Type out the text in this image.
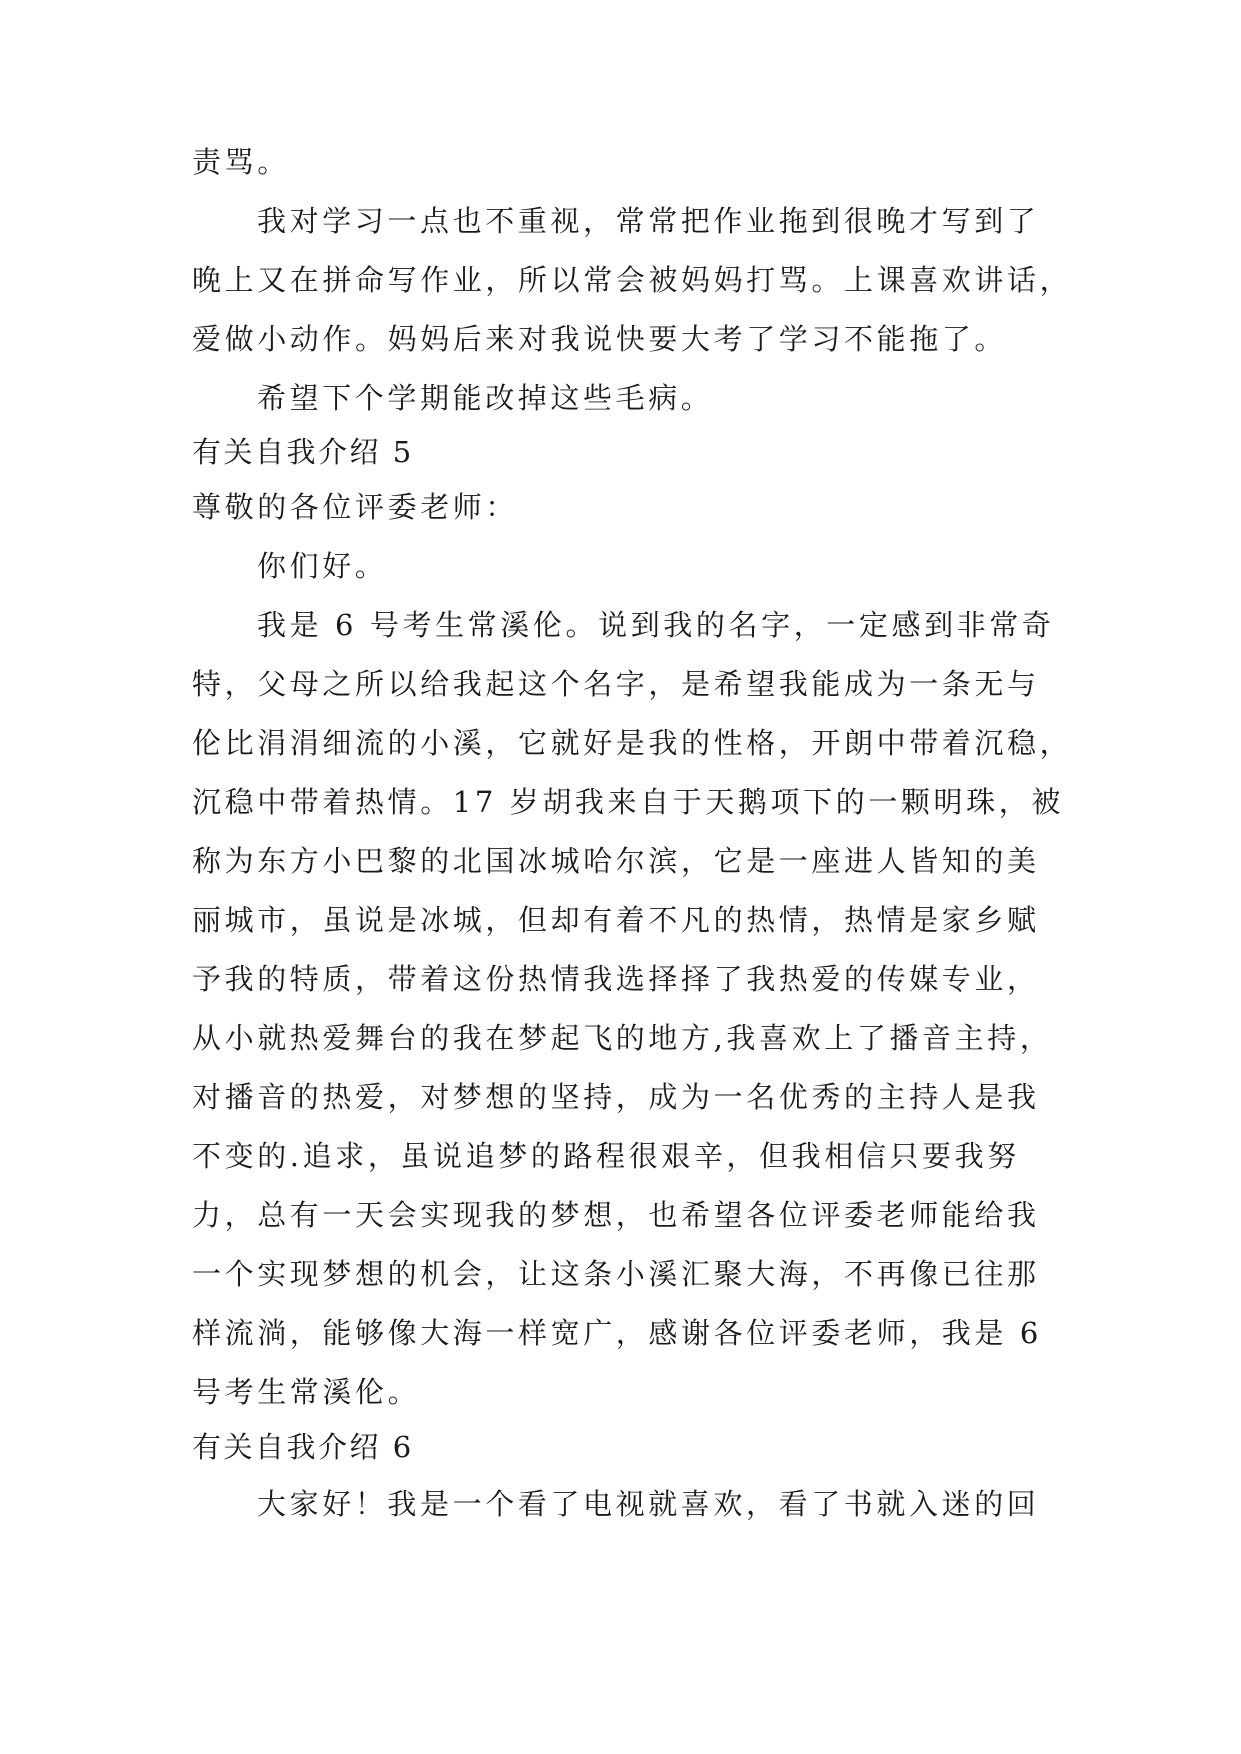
责骂。

我对学习一点也不重视，常常把作业拖到很晚才写到了

晚上又在拼命写作业，所以常会被妈妈打骂。上课喜欢讲话，

爱做小动作。妈妈后来对我说快要大考了学习不能拖了。

希望下个学期能改掉这些毛病。

有关自我介绍 5

尊敬的各位评委老师：

你们好。

我是 6 号考生常溪伦。说到我的名字，一定感到非常奇

特，父母之所以给我起这个名字，是希望我能成为一条无与

伦比涓涓细流的小溪，它就好是我的性格，开朗中带着沉稳，

沉稳中带着热情。17 岁胡我来自于天鹅项下的一颗明珠，被

称为东方小巴黎的北国冰城哈尔滨，它是一座进人皆知的美

丽城市，虽说是冰城，但却有着不凡的热情，热情是家乡赋

予我的特质，带着这份热情我选择择了我热爱的传媒专业，

从小就热爱舞台的我在梦起飞的地方,我喜欢上了播音主持，

对播音的热爱，对梦想的坚持，成为一名优秀的主持人是我

不变的.追求，虽说追梦的路程很艰辛，但我相信只要我努

力，总有一天会实现我的梦想，也希望各位评委老师能给我

一个实现梦想的机会，让这条小溪汇聚大海，不再像已往那

样流淌，能够像大海一样宽广，感谢各位评委老师，我是 6

号考生常溪伦。

有关自我介绍 6

大家好！我是一个看了电视就喜欢，看了书就入迷的回
